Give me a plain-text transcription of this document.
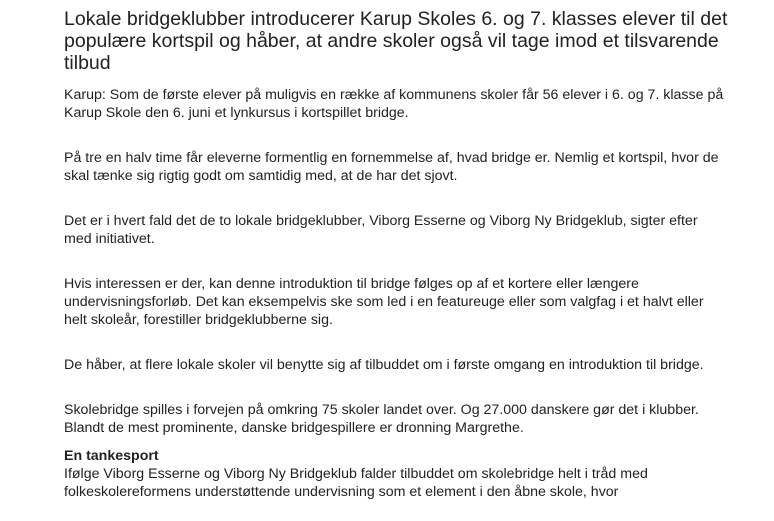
Lokale bridgeklubber introducerer Karup Skoles 6. og 7. klasses elever til det populære kortspil og håber, at andre skoler også vil tage imod et tilsvarende tilbud

Karup: Som de første elever på muligvis en række af kommunens skoler får 56 elever i 6. og 7. klasse på Karup Skole den 6. juni et lynkursus i kortspillet bridge.

På tre en halv time får eleverne formentlig en fornemmelse af, hvad bridge er. Nemlig et kortspil, hvor de skal tænke sig rigtig godt om samtidig med, at de har det sjovt.

Det er i hvert fald det de to lokale bridgeklubber, Viborg Esserne og Viborg Ny Bridgeklub, sigter efter med initiativet.

Hvis interessen er der, kan denne introduktion til bridge følges op af et kortere eller længere undervisningsforløb. Det kan eksempelvis ske som led i en featureuge eller som valgfag i et halvt eller helt skoleår, forestiller bridgeklubberne sig.

De håber, at flere lokale skoler vil benytte sig af tilbuddet om i første omgang en introduktion til bridge.

Skolebridge spilles i forvejen på omkring 75 skoler landet over. Og 27.000 danskere gør det i klubber. Blandt de mest prominente, danske bridgespillere er dronning Margrethe.

En tankesport

Ifølge Viborg Esserne og Viborg Ny Bridgeklub falder tilbuddet om skolebridge helt i tråd med folkeskolereformens understøttende undervisning som et element i den åbne skole, hvor
